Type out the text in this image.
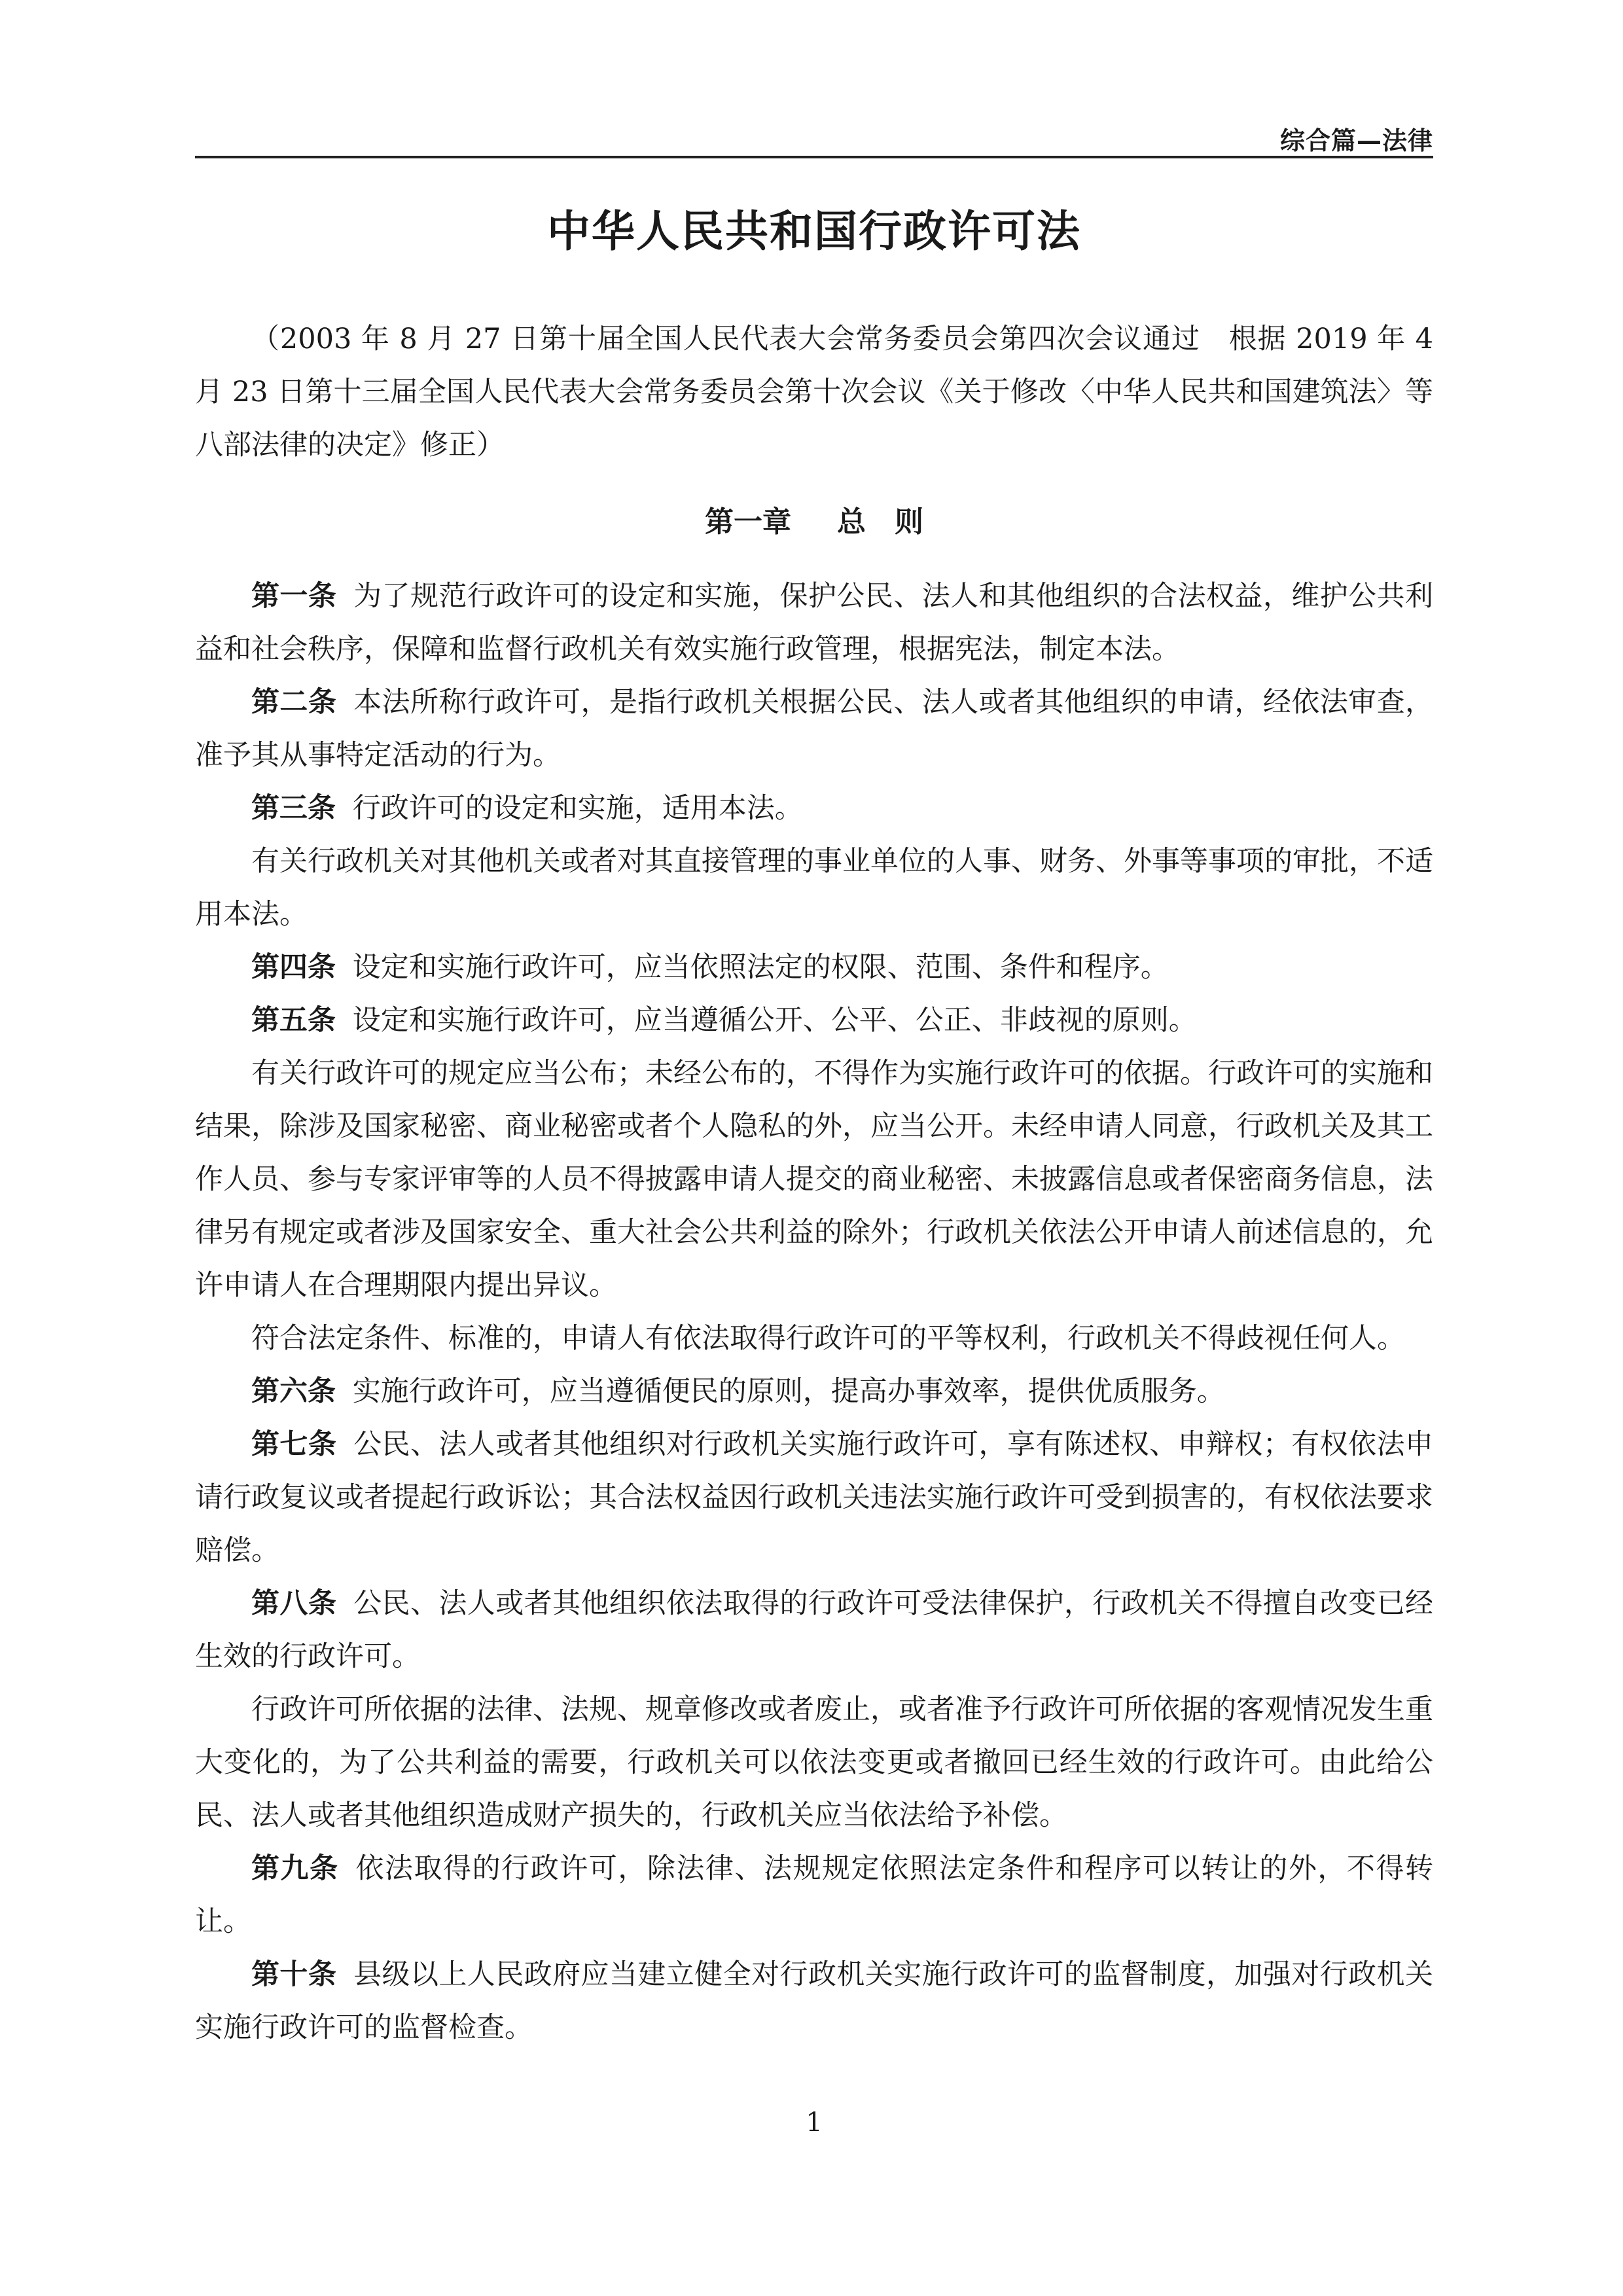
综合篇—法律
中华人民共和国行政许可法

（2003 年 8 月 27 日第十届全国人民代表大会常务委员会第四次会议通过　根据 2019 年 4 月 23 日第十三届全国人民代表大会常务委员会第十次会议《关于修改〈中华人民共和国建筑法〉等八部法律的决定》修正）

第一章 总　则

第一条 为了规范行政许可的设定和实施，保护公民、法人和其他组织的合法权益，维护公共利益和社会秩序，保障和监督行政机关有效实施行政管理，根据宪法，制定本法。

第二条 本法所称行政许可，是指行政机关根据公民、法人或者其他组织的申请，经依法审查，准予其从事特定活动的行为。

第三条 行政许可的设定和实施，适用本法。

有关行政机关对其他机关或者对其直接管理的事业单位的人事、财务、外事等事项的审批，不适用本法。

第四条 设定和实施行政许可，应当依照法定的权限、范围、条件和程序。

第五条 设定和实施行政许可，应当遵循公开、公平、公正、非歧视的原则。

有关行政许可的规定应当公布；未经公布的，不得作为实施行政许可的依据。行政许可的实施和结果，除涉及国家秘密、商业秘密或者个人隐私的外，应当公开。未经申请人同意，行政机关及其工作人员、参与专家评审等的人员不得披露申请人提交的商业秘密、未披露信息或者保密商务信息，法律另有规定或者涉及国家安全、重大社会公共利益的除外；行政机关依法公开申请人前述信息的，允许申请人在合理期限内提出异议。

符合法定条件、标准的，申请人有依法取得行政许可的平等权利，行政机关不得歧视任何人。

第六条 实施行政许可，应当遵循便民的原则，提高办事效率，提供优质服务。

第七条 公民、法人或者其他组织对行政机关实施行政许可，享有陈述权、申辩权；有权依法申请行政复议或者提起行政诉讼；其合法权益因行政机关违法实施行政许可受到损害的，有权依法要求赔偿。

第八条 公民、法人或者其他组织依法取得的行政许可受法律保护，行政机关不得擅自改变已经生效的行政许可。

行政许可所依据的法律、法规、规章修改或者废止，或者准予行政许可所依据的客观情况发生重大变化的，为了公共利益的需要，行政机关可以依法变更或者撤回已经生效的行政许可。由此给公民、法人或者其他组织造成财产损失的，行政机关应当依法给予补偿。

第九条 依法取得的行政许可，除法律、法规规定依照法定条件和程序可以转让的外，不得转让。

第十条 县级以上人民政府应当建立健全对行政机关实施行政许可的监督制度，加强对行政机关实施行政许可的监督检查。

1
